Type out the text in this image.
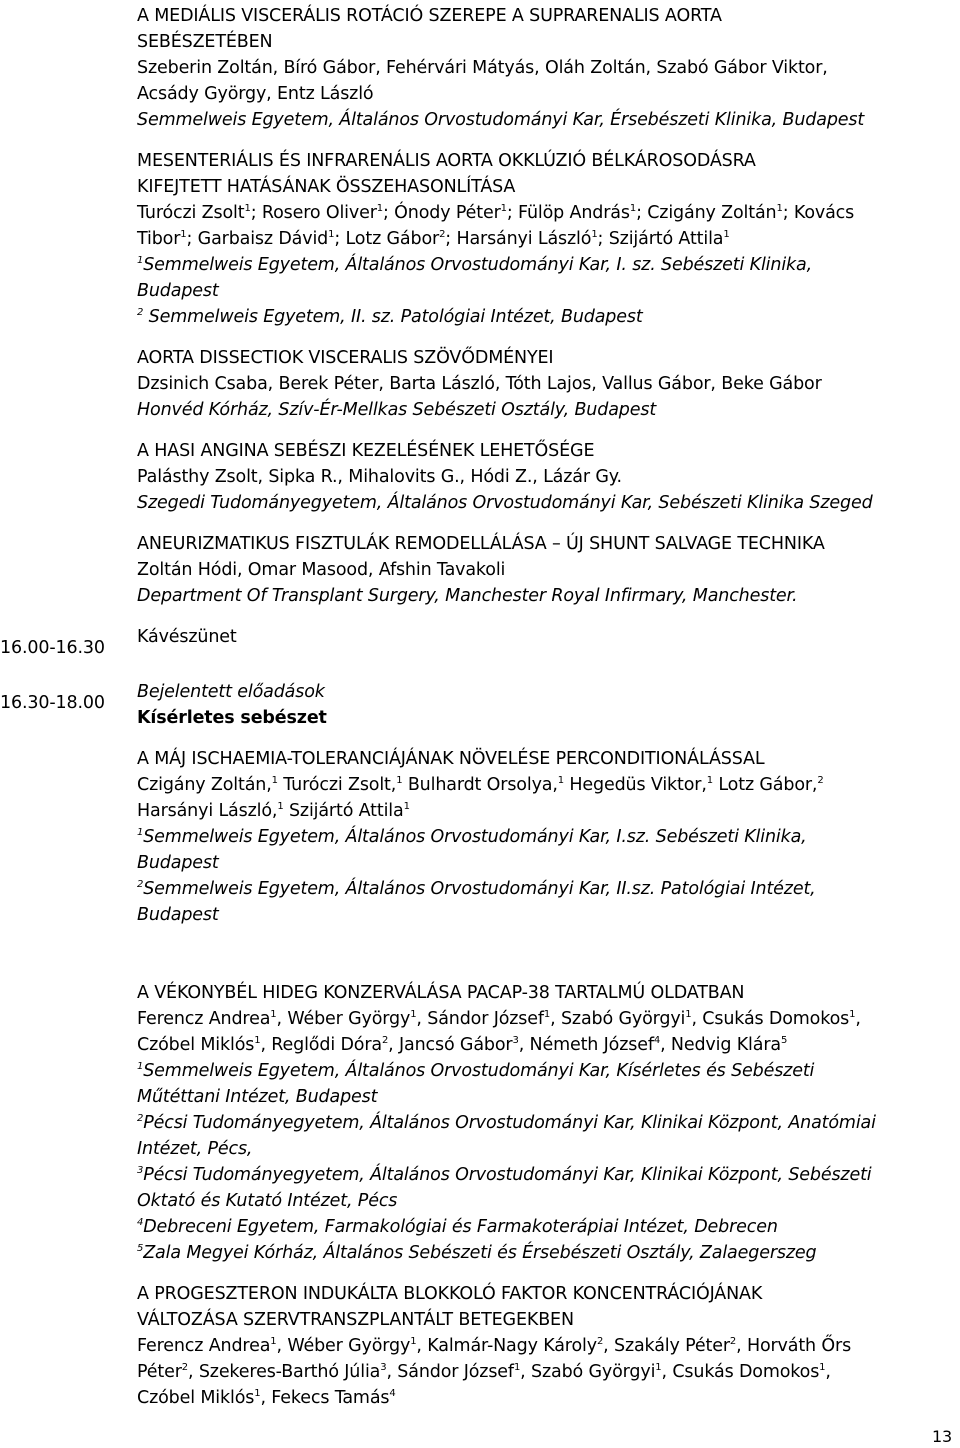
16.00-16.30
16.30-18.00
A MEDIÁLIS VISCERÁLIS ROTÁCIÓ SZEREPE A SUPRARENALIS AORTA
SEBÉSZETÉBEN
Szeberin Zoltán, Bíró Gábor, Fehérvári Mátyás, Oláh Zoltán, Szabó Gábor Viktor,
Acsády György, Entz László
Semmelweis Egyetem, Általános Orvostudományi Kar, Érsebészeti Klinika, Budapest
MESENTERIÁLIS ÉS INFRARENÁLIS AORTA OKKLÚZIÓ BÉLKÁROSODÁSRA
KIFEJTETT HATÁSÁNAK ÖSSZEHASONLÍTÁSA
Turóczi Zsolt$^1$; Rosero Oliver$^1$; Ónody Péter$^1$; Fülöp András$^1$; Czigány Zoltán$^1$; Kovács
Tibor$^1$; Garbaisz Dávid$^1$; Lotz Gábor$^2$; Harsányi László$^1$; Szijártó Attila$^1$
$^1$Semmelweis Egyetem, Általános Orvostudományi Kar, I. sz. Sebészeti Klinika,
Budapest
$^2$ Semmelweis Egyetem, II. sz. Patológiai Intézet, Budapest
AORTA DISSECTIOK VISCERALIS SZÖVŐDMÉNYEI
Dzsinich Csaba, Berek Péter, Barta László, Tóth Lajos, Vallus Gábor, Beke Gábor
Honvéd Kórház, Szív-Ér-Mellkas Sebészeti Osztály, Budapest
A HASI ANGINA SEBÉSZI KEZELÉSÉNEK LEHETŐSÉGE
Palásthy Zsolt, Sipka R., Mihalovits G., Hódi Z., Lázár Gy.
Szegedi Tudományegyetem, Általános Orvostudományi Kar, Sebészeti Klinika Szeged
ANEURIZMATIKUS FISZTULÁK REMODELLÁLÁSA – ÚJ SHUNT SALVAGE TECHNIKA
Zoltán Hódi, Omar Masood, Afshin Tavakoli
Department Of Transplant Surgery, Manchester Royal Infirmary, Manchester.
Kávészünet
Bejelentett előadások
Kísérletes sebészet
A MÁJ ISCHAEMIA-TOLERANCIÁJÁNAK NÖVELÉSE PERCONDITIONÁLÁSSAL
Czigány Zoltán,$^1$ Turóczi Zsolt,$^1$ Bulhardt Orsolya,$^1$ Hegedüs Viktor,$^1$ Lotz Gábor,$^2$
Harsányi László,$^1$ Szijártó Attila$^1$
$^1$Semmelweis Egyetem, Általános Orvostudományi Kar, I.sz. Sebészeti Klinika,
Budapest
$^2$Semmelweis Egyetem, Általános Orvostudományi Kar, II.sz. Patológiai Intézet,
Budapest
A VÉKONYBÉL HIDEG KONZERVÁLÁSA PACAP-38 TARTALMÚ OLDATBAN
Ferencz Andrea$^1$, Wéber György$^1$, Sándor József$^1$, Szabó Györgyi$^1$, Csukás Domokos$^1$,
Czóbel Miklós$^1$, Reglődi Dóra$^2$, Jancsó Gábor$^3$, Németh József$^4$, Nedvig Klára$^5$
$^1$Semmelweis Egyetem, Általános Orvostudományi Kar, Kísérletes és Sebészeti
Műtéttani Intézet, Budapest
$^2$Pécsi Tudományegyetem, Általános Orvostudományi Kar, Klinikai Központ, Anatómiai
Intézet, Pécs,
$^3$Pécsi Tudományegyetem, Általános Orvostudományi Kar, Klinikai Központ, Sebészeti
Oktató és Kutató Intézet, Pécs
$^4$Debreceni Egyetem, Farmakológiai és Farmakoterápiai Intézet, Debrecen
$^5$Zala Megyei Kórház, Általános Sebészeti és Érsebészeti Osztály, Zalaegerszeg
A PROGESZTERON INDUKÁLTA BLOKKOLÓ FAKTOR KONCENTRÁCIÓJÁNAK
VÁLTOZÁSA SZERVTRANSZPLANTÁLT BETEGEKBEN
Ferencz Andrea$^1$, Wéber György$^1$, Kalmár-Nagy Károly$^2$, Szakály Péter$^2$, Horváth Őrs
Péter$^2$, Szekeres-Barthó Júlia$^3$, Sándor József$^1$, Szabó Györgyi$^1$, Csukás Domokos$^1$,
Czóbel Miklós$^1$, Fekecs Tamás$^4$
13
